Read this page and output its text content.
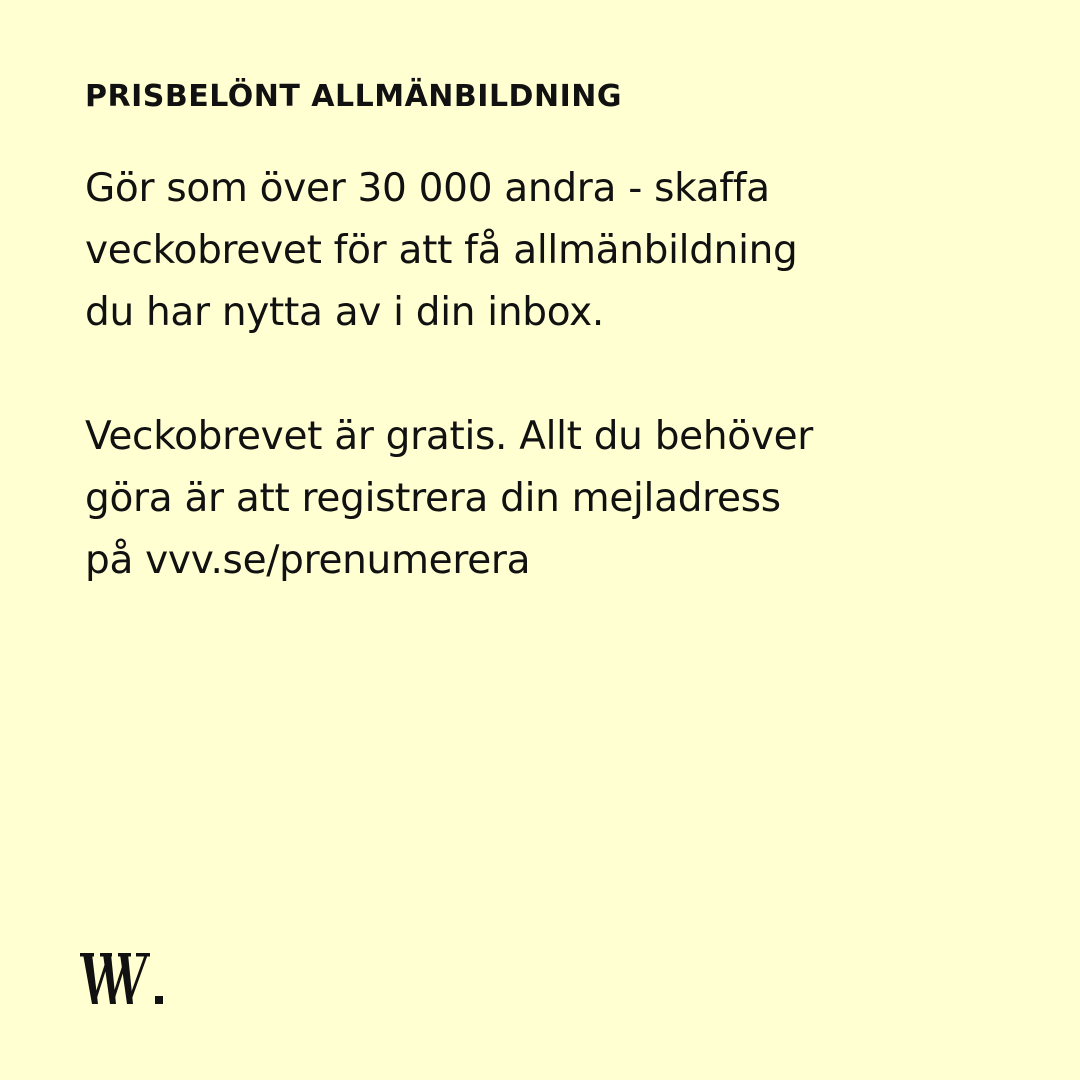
PRISBELÖNT ALLMÄNBILDNING

Gör som över 30 000 andra - skaffa
veckobrevet för att få allmänbildning
du har nytta av i din inbox.

Veckobrevet är gratis. Allt du behöver
göra är att registrera din mejladress
på vvv.se/prenumerera
